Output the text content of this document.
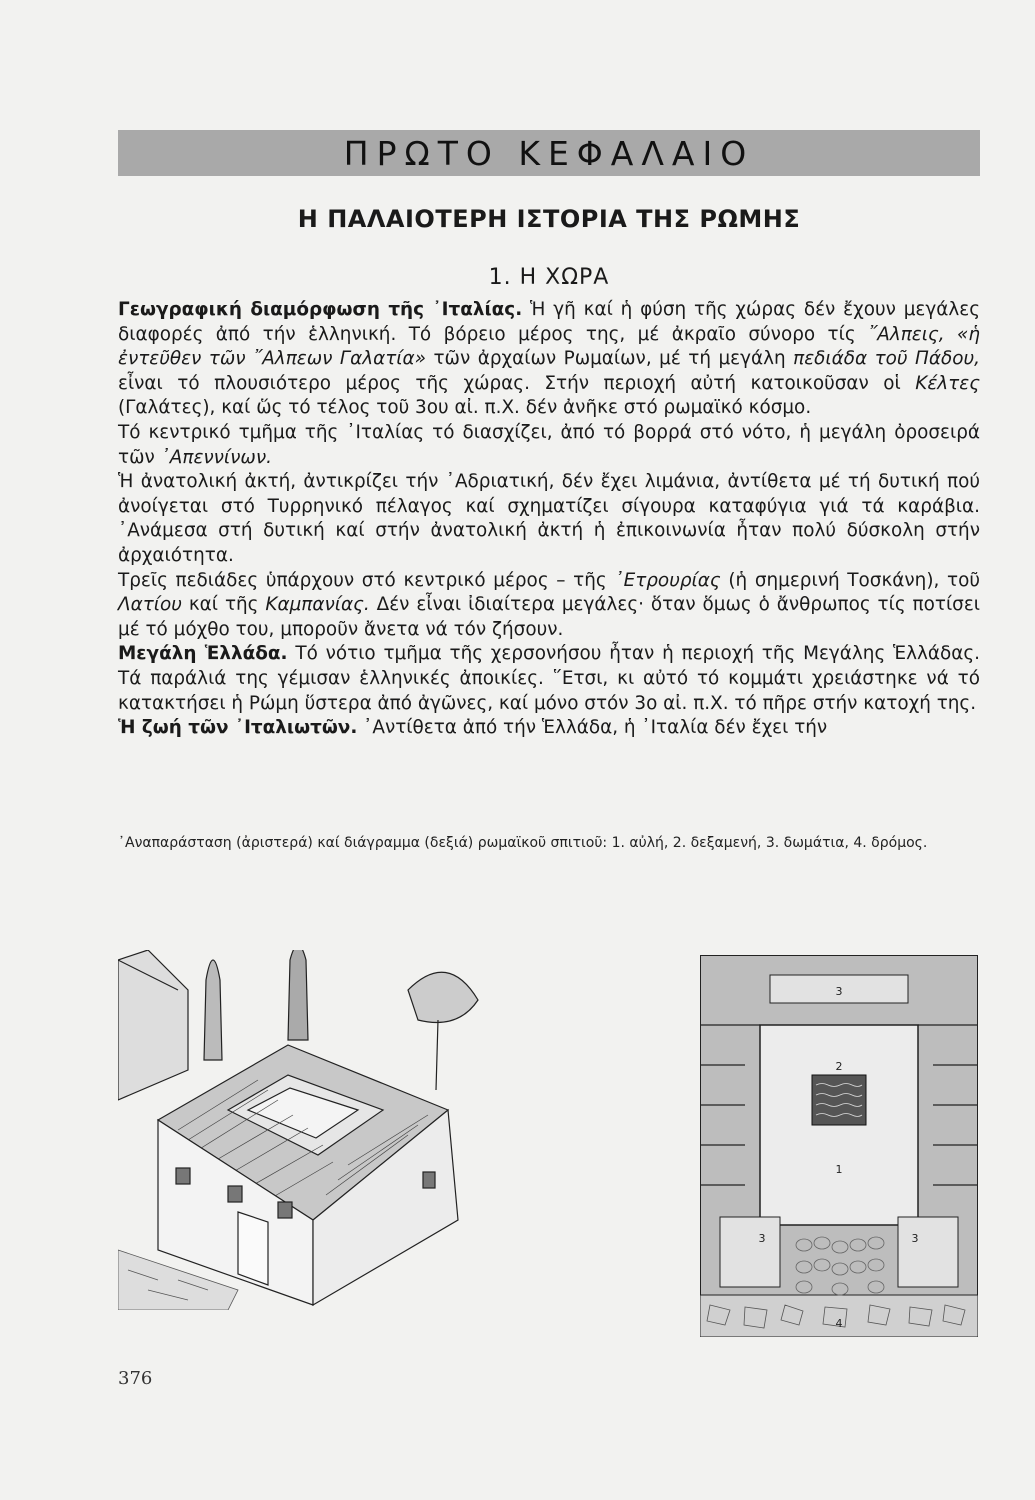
ΠΡΩΤΟ ΚΕΦΑΛΑΙΟ
Η ΠΑΛΑΙΟΤΕΡΗ ΙΣΤΟΡΙΑ ΤΗΣ ΡΩΜΗΣ
1. Η ΧΩΡΑ

Γεωγραφική διαμόρφωση τῆς ᾿Ιταλίας. Ἡ γῆ καί ἡ φύση τῆς χώρας δέν ἔχουν μεγάλες διαφορές ἀπό τήν ἑλληνική. Τό βόρειο μέρος της, μέ ἀκραῖο σύνορο τίς ῎Αλπεις, «ἡ ἐντεῦθεν τῶν ῎Αλπεων Γαλατία» τῶν ἀρχαίων Ρωμαίων, μέ τή μεγάλη πεδιάδα τοῦ Πάδου, εἶναι τό πλουσιότερο μέρος τῆς χώρας. Στήν περιοχή αὐτή κατοικοῦσαν οἱ Κέλτες (Γαλάτες), καί ὥς τό τέλος τοῦ 3ου αἰ. π.Χ. δέν ἀνῆκε στό ρωμαϊκό κόσμο.

Τό κεντρικό τμῆμα τῆς ᾿Ιταλίας τό διασχίζει, ἀπό τό βορρά στό νότο, ἡ μεγάλη ὀροσειρά τῶν ᾿Απεννίνων.

Ἡ ἀνατολική ἀκτή, ἀντικρίζει τήν ᾿Αδριατική, δέν ἔχει λιμάνια, ἀντίθετα μέ τή δυτική πού ἀνοίγεται στό Τυρρηνικό πέλαγος καί σχηματίζει σίγουρα καταφύγια γιά τά καράβια. ᾿Ανάμεσα στή δυτική καί στήν ἀνατολική ἀκτή ἡ ἐπικοινωνία ἦταν πολύ δύσκολη στήν ἀρχαιότητα.

Τρεῖς πεδιάδες ὑπάρχουν στό κεντρικό μέρος – τῆς ᾿Ετρουρίας (ἡ σημερινή Τοσκάνη), τοῦ Λατίου καί τῆς Καμπανίας. Δέν εἶναι ἰδιαίτερα μεγάλες· ὅταν ὅμως ὁ ἄνθρωπος τίς ποτίσει μέ τό μόχθο του, μποροῦν ἄνετα νά τόν ζήσουν.

Μεγάλη Ἑλλάδα. Τό νότιο τμῆμα τῆς χερσονήσου ἦταν ἡ περιοχή τῆς Μεγάλης Ἑλλάδας. Τά παράλιά της γέμισαν ἑλληνικές ἀποικίες. ῞Ετσι, κι αὐτό τό κομμάτι χρειάστηκε νά τό κατακτήσει ἡ Ρώμη ὕστερα ἀπό ἀγῶνες, καί μόνο στόν 3ο αἰ. π.Χ. τό πῆρε στήν κατοχή της.

Ἡ ζωή τῶν ᾿Ιταλιωτῶν. ᾿Αντίθετα ἀπό τήν Ἑλλάδα, ἡ ᾿Ιταλία δέν ἔχει τήν

᾿Αναπαράσταση (ἀριστερά) καί διάγραμμα (δεξιά) ρωμαϊκοῦ σπιτιοῦ: 1. αὐλή, 2. δεξαμενή, 3. δωμάτια, 4. δρόμος.
3
2
1
3	3
4
376
